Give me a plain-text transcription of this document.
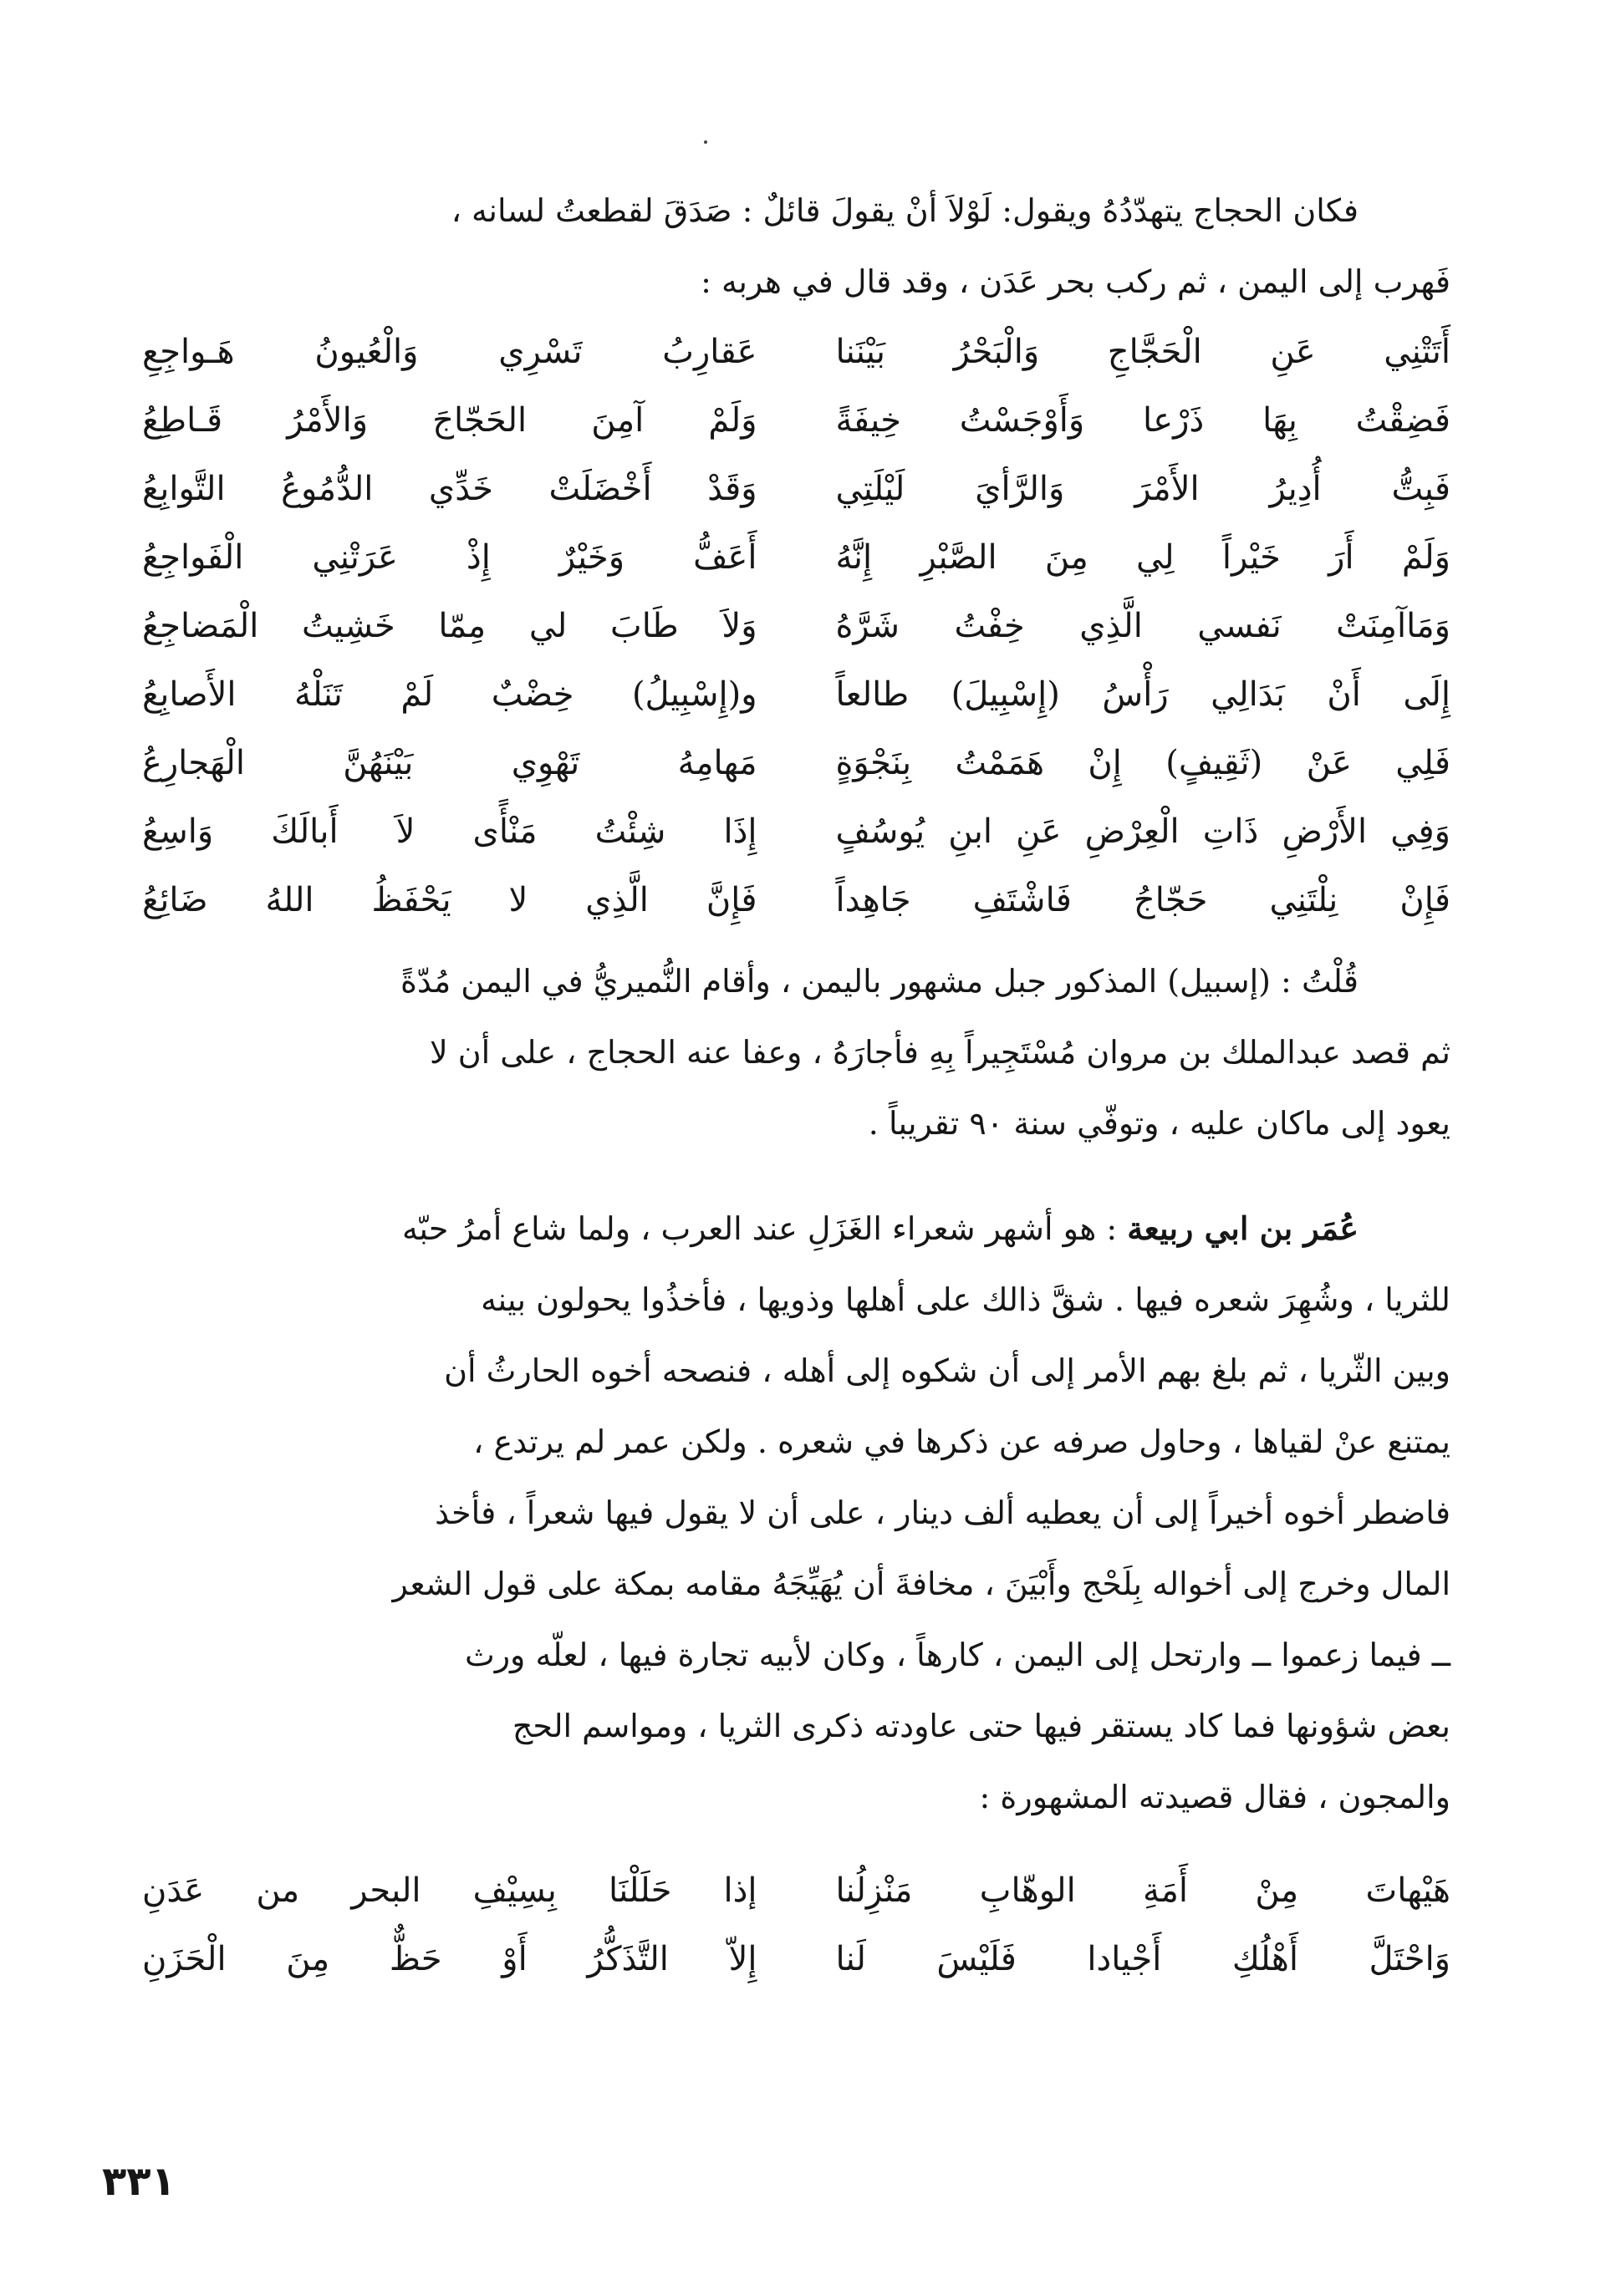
فكان الحجاج يتهدّدُهُ ويقول: لَوْلاَ أنْ يقولَ قائلٌ : صَدَقَ لقطعتُ لسانه ،

فَهرب إلى اليمن ، ثم ركب بحر عَدَن ، وقد قال في هربه :

أَتَتْنِي عَنِ الْحَجَّاجِ وَالْبَحْرُ بَيْنَنا
عَقارِبُ تَسْرِي وَالْعُيونُ هَـواجِعِ
فَضِقْتُ بِهَا ذَرْعا وَأَوْجَسْتُ خِيفَةً
وَلَمْ آمِنَ الحَجّاجَ وَالأَمْرُ قَـاطِعُ
فَبِتُّ أُدِيرُ الأَمْرَ وَالرَّأيَ لَيْلَتِي
وَقَدْ أَخْضَلَتْ خَدِّي الدُّمُوعُ التَّوابِعُ
وَلَمْ أَرَ خَيْراً لِي مِنَ الصَّبْرِ إِنَّهُ
أَعَفُّ وَخَيْرٌ إِذْ عَرَتْنِي الْفَواجِعُ
وَمَاآمِنَتْ نَفسي الَّذِي خِفْتُ شَرَّهُ
وَلاَ طَابَ لي مِمّا خَشِيتُ الْمَضاجِعُ
إِلَى أَنْ بَدَالِي رَأْسُ (إِسْبِيلَ) طالعاً
و(إِسْبِيلُ) خِضْبٌ لَمْ تَنَلْهُ الأَصابِعُ
فَلِي عَنْ (ثَقِيفٍ) إِنْ هَمَمْتُ بِنَجْوَةٍ
مَهامِهُ تَهْوِي بَيْنَهُنَّ الْهَجارِعُ
وَفِي الأَرْضِ ذَاتِ الْعِرْضِ عَنِ ابنِ يُوسُفٍ
إِذَا شِئْتُ مَنْأًى لاَ أَبالَكَ وَاسِعُ
فَإِنْ نِلْتَنِي حَجّاجُ فَاشْتَفِ جَاهِداً
فَإِنَّ الَّذِي لا يَحْفَظُ اللهُ ضَائِعُ

قُلْتُ : (إسبيل) المذكور جبل مشهور باليمن ، وأقام النُّميريُّ في اليمن مُدّةً

ثم قصد عبدالملك بن مروان مُسْتَجِيراً بِهِ فأجارَهُ ، وعفا عنه الحجاج ، على أن لا

يعود إلى ماكان عليه ، وتوفّي سنة ٩٠ تقريباً .

عُمَر بن ابي ربيعة : هو أشهر شعراء الغَزَلِ عند العرب ، ولما شاع أمرُ حبّه

للثريا ، وشُهِرَ شعره فيها . شقَّ ذالك على أهلها وذويها ، فأخذُوا يحولون بينه

وبين الثّريا ، ثم بلغ بهم الأمر إلى أن شكوه إلى أهله ، فنصحه أخوه الحارثُ أن

يمتنع عنْ لقياها ، وحاول صرفه عن ذكرها في شعره . ولكن عمر لم يرتدع ،

فاضطر أخوه أخيراً إلى أن يعطيه ألف دينار ، على أن لا يقول فيها شعراً ، فأخذ

المال وخرج إلى أخواله بِلَحْج وأَبْيَنَ ، مخافةَ أن يُهَيِّجَهُ مقامه بمكة على قول الشعر

ــ فيما زعموا ــ وارتحل إلى اليمن ، كارهاً ، وكان لأبيه تجارة فيها ، لعلّه ورث

بعض شؤونها فما كاد يستقر فيها حتى عاودته ذكرى الثريا ، ومواسم الحج

والمجون ، فقال قصيدته المشهورة :

هَيْهاتَ مِنْ أَمَةِ الوهّابِ مَنْزِلُنا
إذا حَلَلْنَا بِسِيْفِ البحر من عَدَنِ
وَاحْتَلَّ أَهْلُكِ أَجْيادا فَلَيْسَ لَنا
إِلاّ التَّذَكُّرُ أَوْ حَظٌّ مِنَ الْحَزَنِ
٣٣١
